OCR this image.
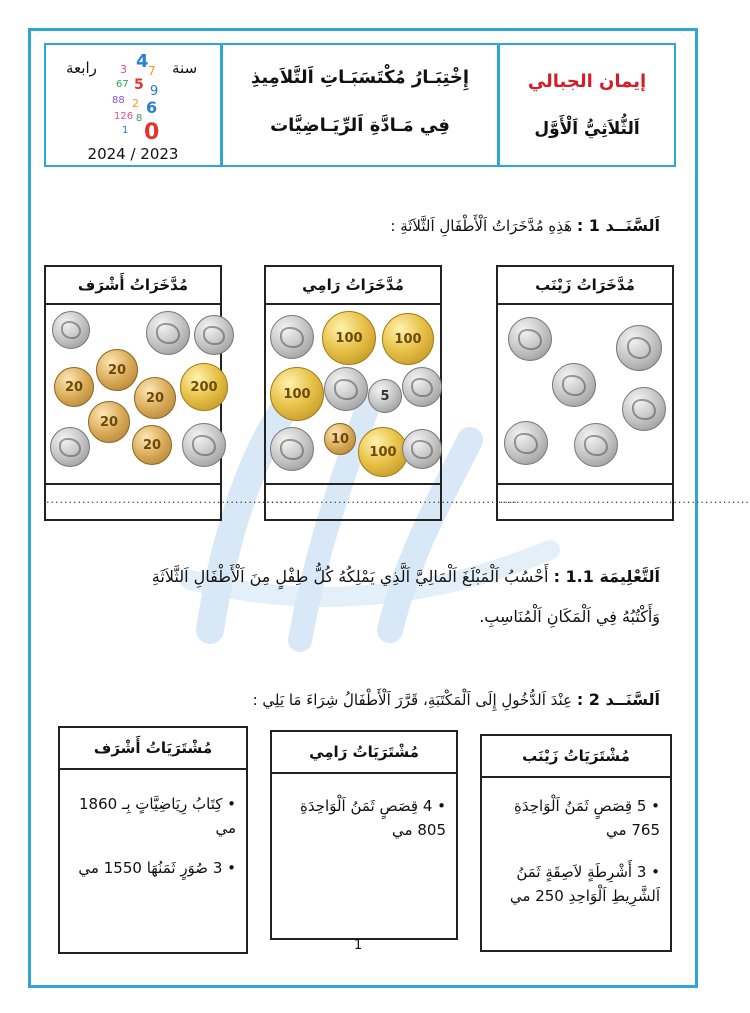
إيمان الجبالي
اَلثُّلاَثِيُّ اَلْأَوَّل
إِخْتِبَـارُ مُكْتَسَبَـاتِ اَلتَّلاَمِيذِ
فِي مَـادَّةِ اَلرِّيَـاضِيَّات
سنة
رابعة 4
3 7
67 5 9
88 2 6
126 8
0
1
2024 / 2023
اَلسَّنَــد 1 : هَذِهِ مُدَّخَرَاتُ اَلْأَطْفَالِ اَلثَّلاَثَةِ :
مُدَّخَرَاتُ زَيْنَب
........................................................
مُدَّخَرَاتُ رَامِي
100	100
100	5
10
100
........................................................
مُدَّخَرَاتُ أَشْرَف
20
20
20
200
20
20
........................................................
اَلتَّعْلِيمَة 1.1 : أَحْسُبُ اَلْمَبْلَغَ اَلْمَالِيَّ اَلَّذِي يَمْلِكُهُ كُلُّ طِفْلٍ مِنَ اَلْأَطْفَالِ اَلثَّلاَثَةِ
وَأَكْتُبُهُ فِي اَلْمَكَانِ اَلْمُنَاسِبِ.
اَلسَّنَــد 2 : عِنْدَ اَلدُّخُولِ إِلَى اَلْمَكْتَبَةِ، قَرَّرَ اَلْأَطْفَالُ شِرَاءَ مَا يَلِي :
مُشْتَرَيَاتُ زَيْنَب
• 5 قِصَصٍ ثَمَنُ اَلْوَاحِدَةِ 765 مي
• 3 أَشْرِطَةٍ لاَصِقَةٍ ثَمَنُ اَلشَّرِيطِ اَلْوَاحِدِ 250 مي
مُشْتَرَيَاتُ رَامِي
• 4 قِصَصٍ ثَمَنُ اَلْوَاحِدَةِ 805 مي
مُشْتَرَيَاتُ أَشْرَف
• كِتَابُ رِيَاضِيَّاتٍ بِـ 1860 مي
• 3 صُوَرٍ ثَمَنُهَا 1550 مي
1
